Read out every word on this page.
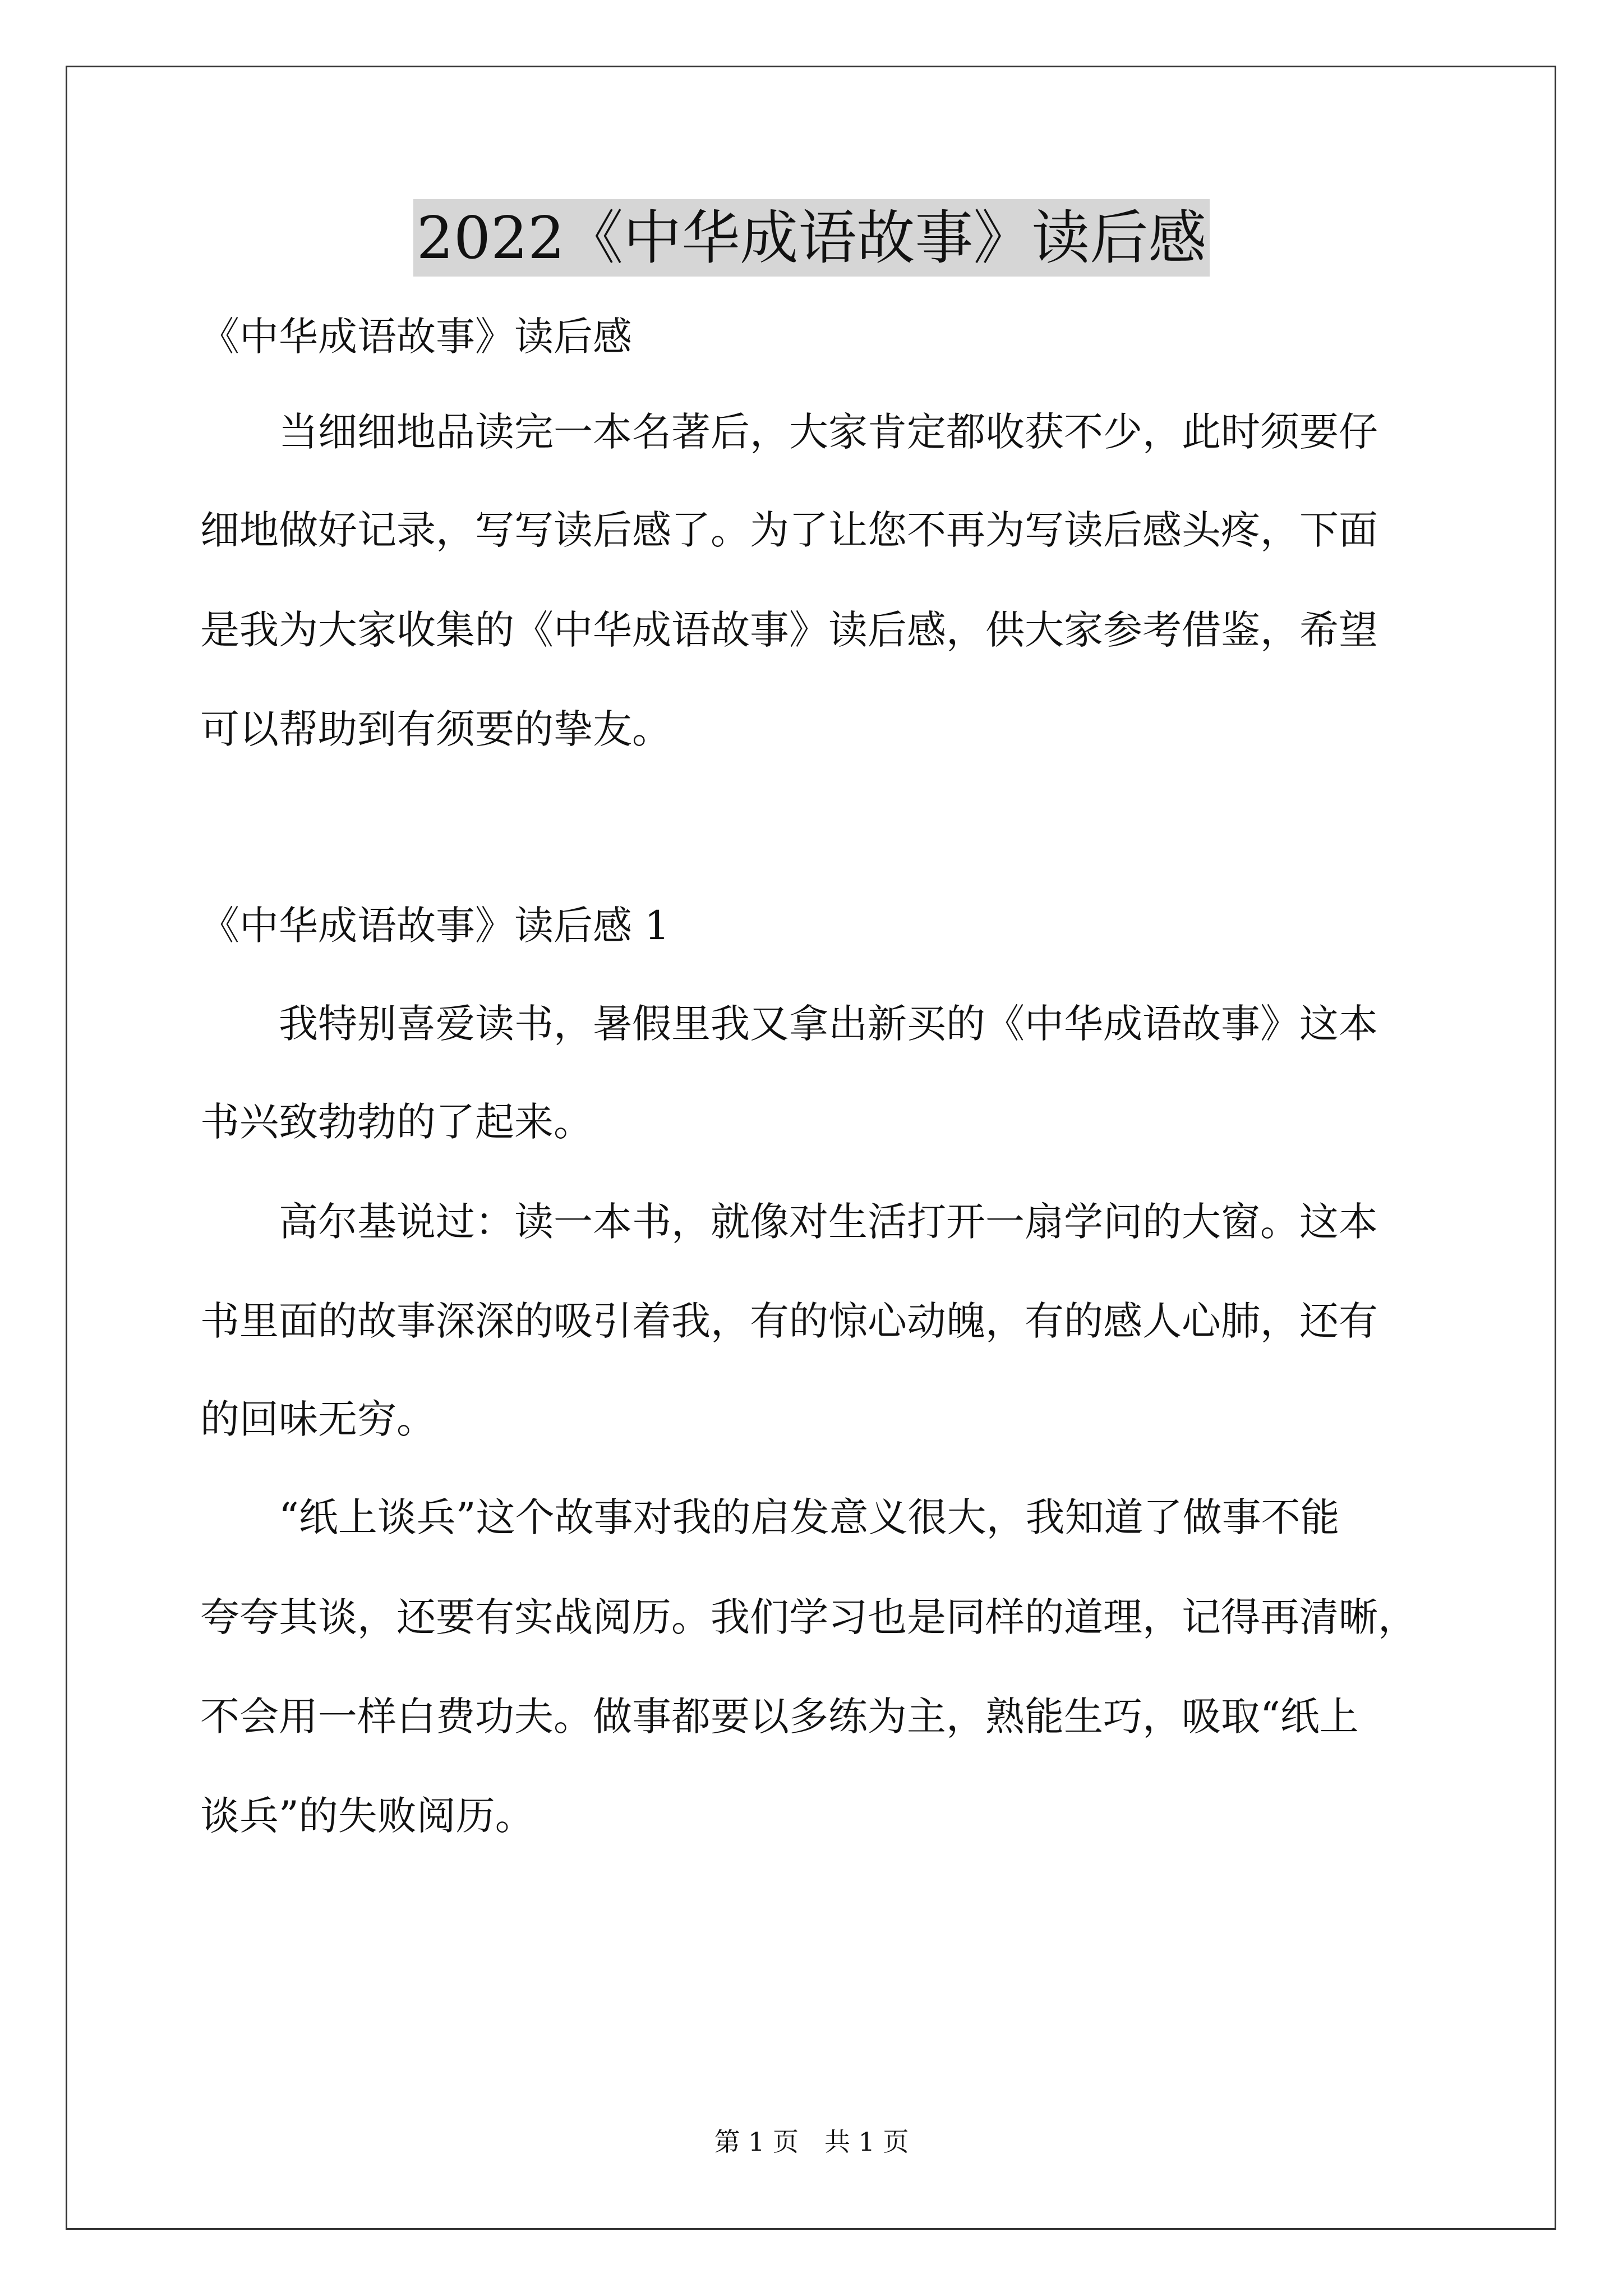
2022《中华成语故事》读后感
《中华成语故事》读后感
　　当细细地品读完一本名著后，大家肯定都收获不少，此时须要仔
细地做好记录，写写读后感了。为了让您不再为写读后感头疼，下面
是我为大家收集的《中华成语故事》读后感，供大家参考借鉴，希望
可以帮助到有须要的挚友。
《中华成语故事》读后感 1
　　我特别喜爱读书，暑假里我又拿出新买的《中华成语故事》这本
书兴致勃勃的了起来。
　　高尔基说过：读一本书，就像对生活打开一扇学问的大窗。这本
书里面的故事深深的吸引着我，有的惊心动魄，有的感人心肺，还有
的回味无穷。
　　“纸上谈兵”这个故事对我的启发意义很大，我知道了做事不能
夸夸其谈，还要有实战阅历。我们学习也是同样的道理，记得再清晰，
不会用一样白费功夫。做事都要以多练为主，熟能生巧，吸取“纸上
谈兵”的失败阅历。
第 1 页　共 1 页
